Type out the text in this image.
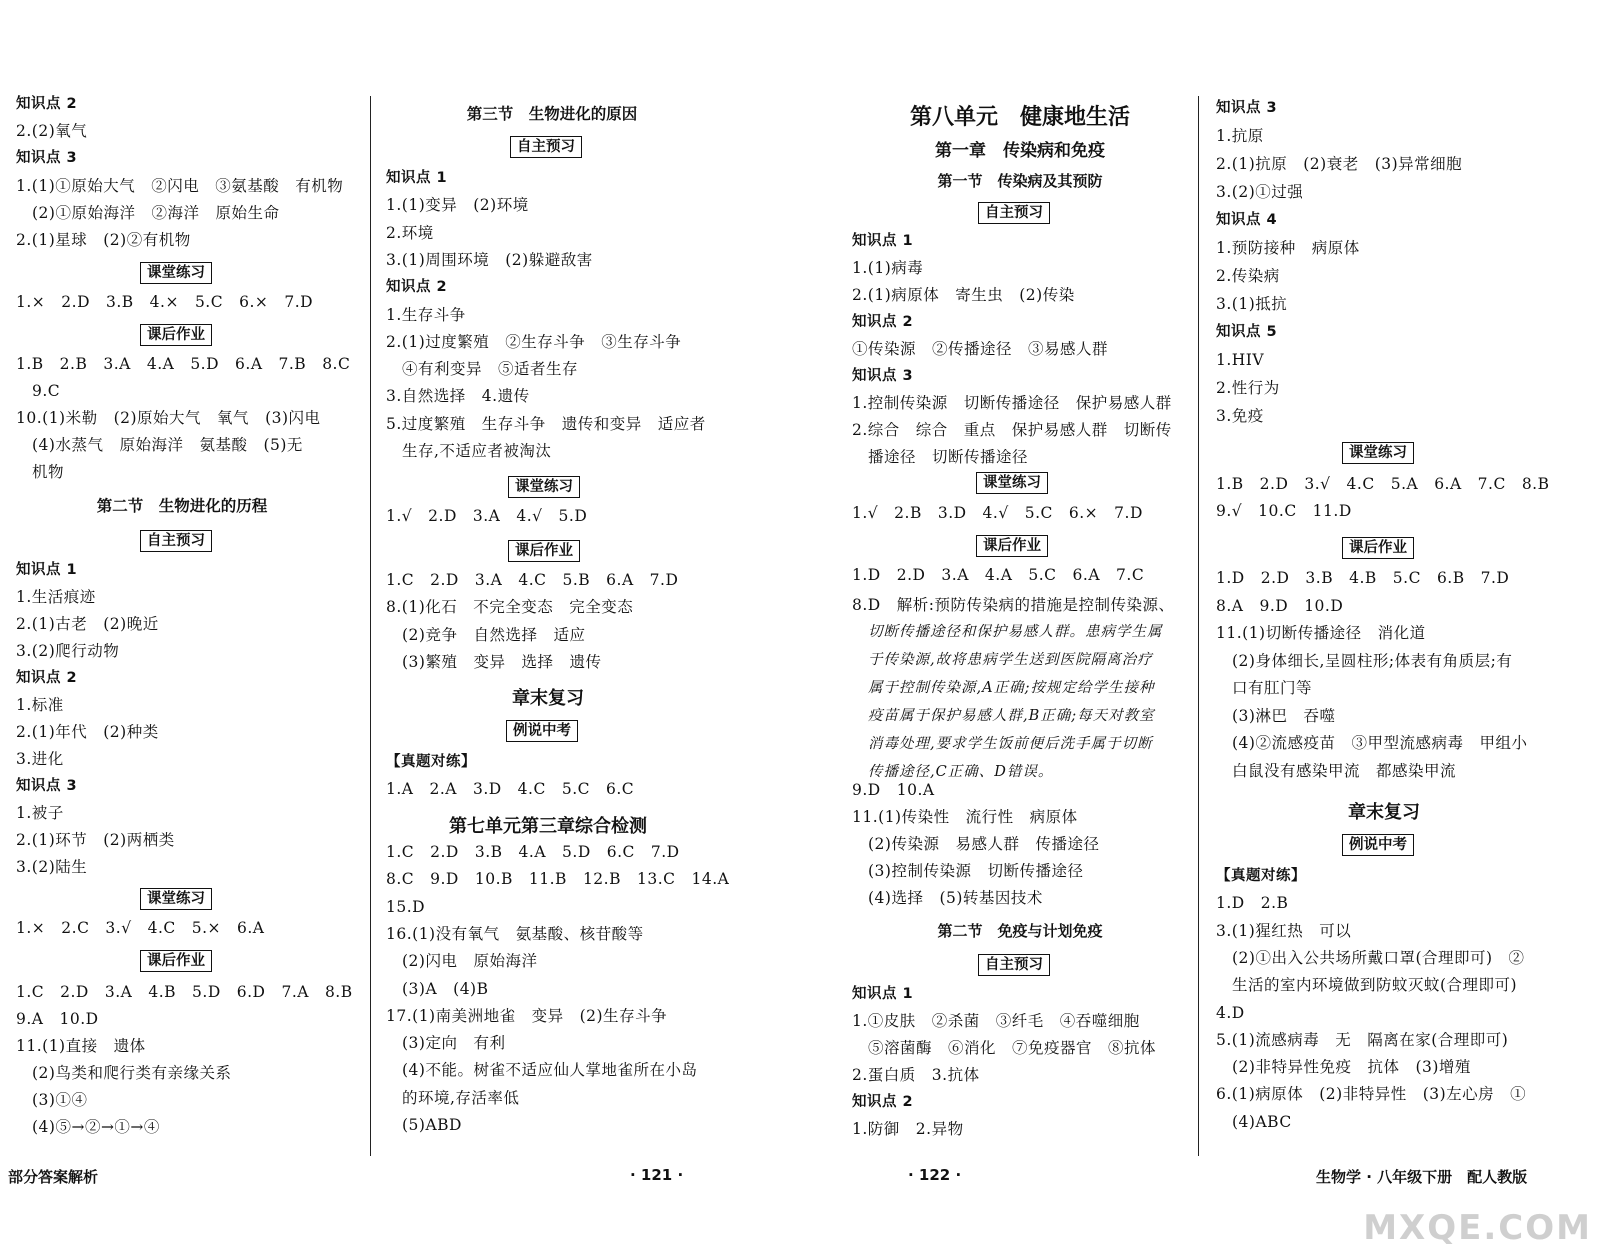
知识点 2
2.(2)氧气
知识点 3
1.(1)①原始大气　②闪电　③氨基酸　有机物
　(2)①原始海洋　②海洋　原始生命
2.(1)星球　(2)②有机物
课堂练习
1.×　2.D　3.B　4.×　5.C　6.×　7.D
课后作业
1.B　2.B　3.A　4.A　5.D　6.A　7.B　8.C
　9.C
10.(1)米勒　(2)原始大气　氧气　(3)闪电
　(4)水蒸气　原始海洋　氨基酸　(5)无
　机物
第二节　生物进化的历程
自主预习
知识点 1
1.生活痕迹
2.(1)古老　(2)晚近
3.(2)爬行动物
知识点 2
1.标准
2.(1)年代　(2)种类
3.进化
知识点 3
1.被子
2.(1)环节　(2)两栖类
3.(2)陆生
课堂练习
1.×　2.C　3.√　4.C　5.×　6.A
课后作业
1.C　2.D　3.A　4.B　5.D　6.D　7.A　8.B
9.A　10.D
11.(1)直接　遗体
　(2)鸟类和爬行类有亲缘关系
　(3)①④
　(4)⑤→②→①→④
第三节　生物进化的原因
自主预习
知识点 1
1.(1)变异　(2)环境
2.环境
3.(1)周围环境　(2)躲避敌害
知识点 2
1.生存斗争
2.(1)过度繁殖　②生存斗争　③生存斗争
　④有利变异　⑤适者生存
3.自然选择　4.遗传
5.过度繁殖　生存斗争　遗传和变异　适应者
　生存,不适应者被淘汰
课堂练习
1.√　2.D　3.A　4.√　5.D
课后作业
1.C　2.D　3.A　4.C　5.B　6.A　7.D
8.(1)化石　不完全变态　完全变态
　(2)竞争　自然选择　适应
　(3)繁殖　变异　选择　遗传
章末复习
例说中考
【真题对练】
1.A　2.A　3.D　4.C　5.C　6.C
第七单元第三章综合检测
1.C　2.D　3.B　4.A　5.D　6.C　7.D
8.C　9.D　10.B　11.B　12.B　13.C　14.A
15.D
16.(1)没有氧气　氨基酸、核苷酸等
　(2)闪电　原始海洋
　(3)A　(4)B
17.(1)南美洲地雀　变异　(2)生存斗争
　(3)定向　有利
　(4)不能。树雀不适应仙人掌地雀所在小岛
　的环境,存活率低
　(5)ABD
第八单元　健康地生活
第一章　传染病和免疫
第一节　传染病及其预防
自主预习
知识点 1
1.(1)病毒
2.(1)病原体　寄生虫　(2)传染
知识点 2
①传染源　②传播途径　③易感人群
知识点 3
1.控制传染源　切断传播途径　保护易感人群
2.综合　综合　重点　保护易感人群　切断传
　播途径　切断传播途径
课堂练习
1.√　2.B　3.D　4.√　5.C　6.×　7.D
课后作业
1.D　2.D　3.A　4.A　5.C　6.A　7.C
8.D　解析:预防传染病的措施是控制传染源、
切断传播途径和保护易感人群。患病学生属
于传染源,故将患病学生送到医院隔离治疗
属于控制传染源,A正确;按规定给学生接种
疫苗属于保护易感人群,B正确;每天对教室
消毒处理,要求学生饭前便后洗手属于切断
传播途径,C正确、D错误。
9.D　10.A
11.(1)传染性　流行性　病原体
　(2)传染源　易感人群　传播途径
　(3)控制传染源　切断传播途径
　(4)选择　(5)转基因技术
第二节　免疫与计划免疫
自主预习
知识点 1
1.①皮肤　②杀菌　③纤毛　④吞噬细胞
　⑤溶菌酶　⑥消化　⑦免疫器官　⑧抗体
2.蛋白质　3.抗体
知识点 2
1.防御　2.异物
知识点 3
1.抗原
2.(1)抗原　(2)衰老　(3)异常细胞
3.(2)①过强
知识点 4
1.预防接种　病原体
2.传染病
3.(1)抵抗
知识点 5
1.HIV
2.性行为
3.免疫
课堂练习
1.B　2.D　3.√　4.C　5.A　6.A　7.C　8.B
9.√　10.C　11.D
课后作业
1.D　2.D　3.B　4.B　5.C　6.B　7.D
8.A　9.D　10.D
11.(1)切断传播途径　消化道
　(2)身体细长,呈圆柱形;体表有角质层;有
　口有肛门等
　(3)淋巴　吞噬
　(4)②流感疫苗　③甲型流感病毒　甲组小
　白鼠没有感染甲流　都感染甲流
章末复习
例说中考
【真题对练】
1.D　2.B
3.(1)猩红热　可以
　(2)①出入公共场所戴口罩(合理即可)　②
　生活的室内环境做到防蚊灭蚊(合理即可)
4.D
5.(1)流感病毒　无　隔离在家(合理即可)
　(2)非特异性免疫　抗体　(3)增殖
6.(1)病原体　(2)非特异性　(3)左心房　①
　(4)ABC
部分答案解析	· 121 ·	· 122 ·	生物学 · 八年级下册　配人教版
MXQE.COM
